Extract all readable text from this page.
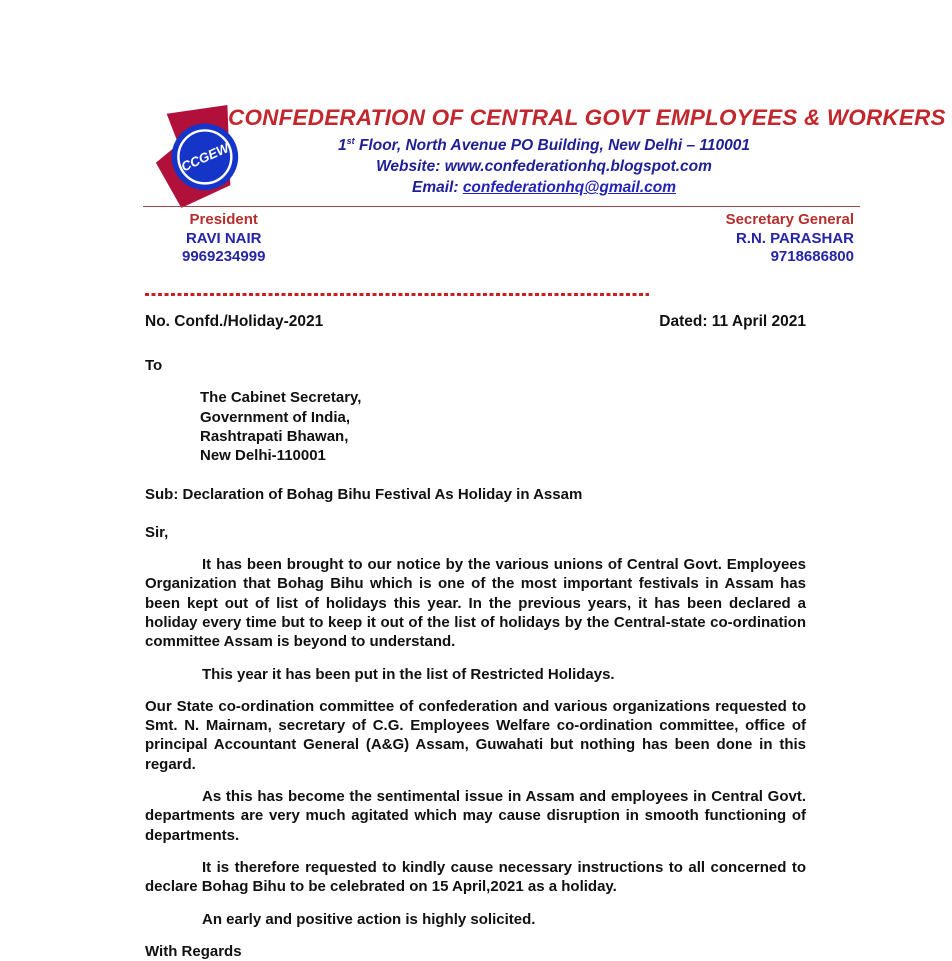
CCGEW
CONFEDERATION OF CENTRAL GOVT EMPLOYEES & WORKERS
1st Floor, North Avenue PO Building, New Delhi – 110001
Website: www.confederationhq.blogspot.com
Email: confederationhq@gmail.com
President
RAVI NAIR
9969234999
Secretary General
R.N. PARASHAR
9718686800
No. Confd./Holiday-2021	Dated: 11 April 2021
To
The Cabinet Secretary,
Government of India,
Rashtrapati Bhawan,
New Delhi-110001
Sub: Declaration of Bohag Bihu Festival As Holiday in Assam
Sir,

It has been brought to our notice by the various unions of Central Govt. Employees Organization that Bohag Bihu which is one of the most important festivals in Assam has been kept out of list of holidays this year. In the previous years, it has been declared a holiday every time but to keep it out of the list of holidays by the Central-state co-ordination committee Assam is beyond to understand.

This year it has been put in the list of Restricted Holidays.

Our State co-ordination committee of confederation and various organizations requested to Smt. N. Mairnam, secretary of C.G. Employees Welfare co-ordination committee, office of principal Accountant General (A&G) Assam, Guwahati but nothing has been done in this regard.

As this has become the sentimental issue in Assam and employees in Central Govt. departments are very much agitated which may cause disruption in smooth functioning of departments.

It is therefore requested to kindly cause necessary instructions to all concerned to declare Bohag Bihu to be celebrated on 15 April,2021 as a holiday.

An early and positive action is highly solicited.

With Regards
